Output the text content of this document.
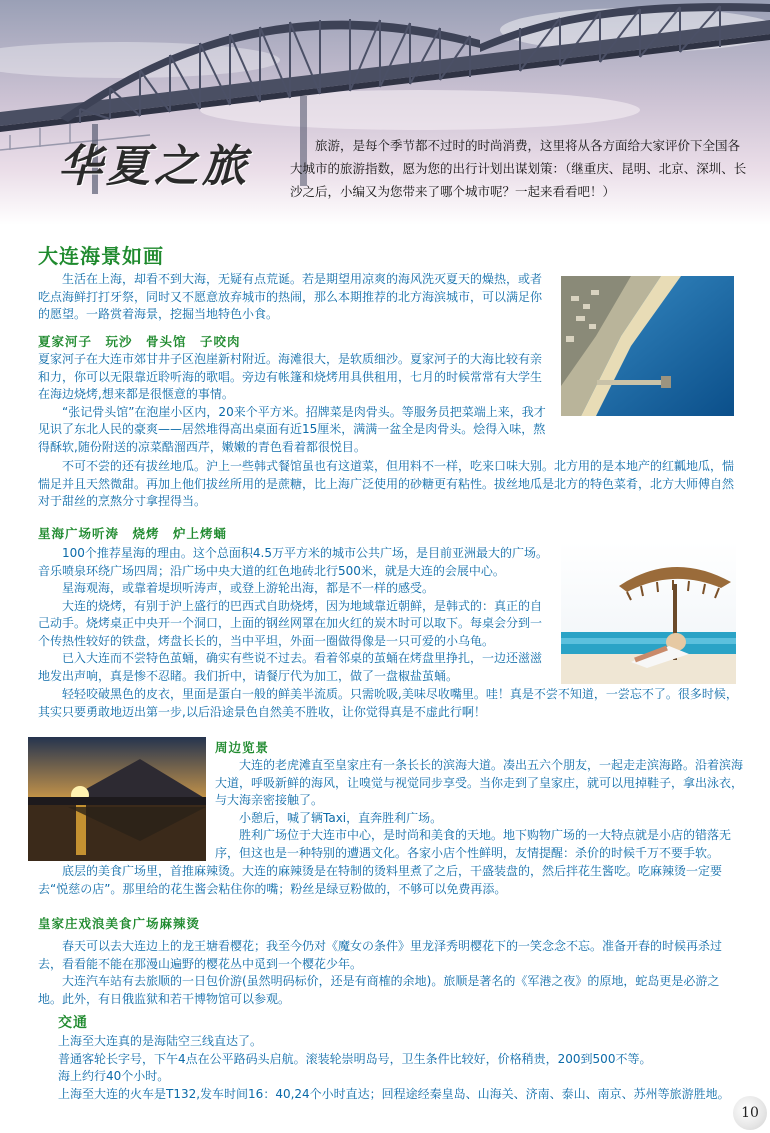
华夏之旅	旅游，是每个季节都不过时的时尚消费，这里将从各方面给大家评价下全国各大城市的旅游指数，愿为您的出行计划出谋划策：（继重庆、昆明、北京、深圳、长沙之后，小编又为您带来了哪个城市呢？一起来看看吧！）

大连海景如画

生活在上海，却看不到大海，无疑有点荒诞。若是期望用凉爽的海风洗灭夏天的燥热，或者吃点海鲜打打牙祭，同时又不愿意放弃城市的热闹，那么本期推荐的北方海滨城市，可以满足你的愿望。一路赏着海景，挖掘当地特色小食。

夏家河子　玩沙　骨头馆　子咬肉

夏家河子在大连市郊甘井子区泡崖新村附近。海滩很大，是软质细沙。夏家河子的大海比较有亲和力，你可以无限靠近聆听海的歌唱。旁边有帐篷和烧烤用具供租用，七月的时候常常有大学生在海边烧烤,想来都是很惬意的事情。

“张记骨头馆”在泡崖小区内，20来个平方米。招牌菜是肉骨头。等服务员把菜端上来，我才见识了东北人民的豪爽——居然堆得高出桌面有近15厘米，满满一盆全是肉骨头。烩得入味，熬得酥软,随份附送的凉菜酷溜西芹，嫩嫩的青色看着都很悦目。

不可不尝的还有拔丝地瓜。沪上一些韩式餐馆虽也有这道菜，但用料不一样，吃来口味大别。北方用的是本地产的红瓤地瓜，惴惴足并且天然微甜。再加上他们拔丝所用的是蔗糖，比上海广泛使用的砂糖更有粘性。拔丝地瓜是北方的特色菜肴，北方大师傅自然对于甜丝的烹熬分寸拿捏得当。

星海广场听涛　烧烤　炉上烤蛹

100个推荐星海的理由。这个总面积4.5万平方米的城市公共广场，是目前亚洲最大的广场。音乐喷泉环绕广场四周；沿广场中央大道的红色地砖北行500米，就是大连的会展中心。

星海观海，或靠着堤坝听涛声，或登上游轮出海，都是不一样的感受。

大连的烧烤，有别于沪上盛行的巴西式自助烧烤，因为地域靠近朝鲜，是韩式的：真正的自己动手。烧烤桌正中央开一个洞口，上面的钢丝网罩在加火红的炭木时可以取下。每桌会分到一个传热性较好的铁盘，烤盘长长的，当中平坦，外面一圈做得像是一只可爱的小乌龟。

已入大连而不尝特色茧蛹，确实有些说不过去。看着邻桌的茧蛹在烤盘里挣扎，一边还滋滋地发出声响，真是惨不忍睹。我们折中，请餐厅代为加工，做了一盘椒盐茧蛹。

轻轻咬破黑色的皮衣，里面是蛋白一般的鲜美半流质。只需吮吸,美味尽收嘴里。哇！真是不尝不知道，一尝忘不了。很多时候，其实只要勇敢地迈出第一步,以后沿途景色自然美不胜收，让你觉得真是不虚此行啊！

周边览景

大连的老虎滩直至皇家庄有一条长长的滨海大道。凑出五六个朋友，一起走走滨海路。沿着滨海大道，呼吸新鲜的海风，让嗅觉与视觉同步享受。当你走到了皇家庄，就可以甩掉鞋子，拿出泳衣，与大海亲密接触了。

小憩后，喊了辆Taxi，直奔胜利广场。

胜利广场位于大连市中心，是时尚和美食的天地。地下购物广场的一大特点就是小店的错落无序，但这也是一种特别的遭遇文化。各家小店个性鲜明，友情提醒：杀价的时候千万不要手软。

底层的美食广场里，首推麻辣烫。大连的麻辣烫是在特制的烫料里煮了之后，干盛装盘的，然后拌花生酱吃。吃麻辣烫一定要去“悦慈の店”。那里给的花生酱会粘住你的嘴；粉丝是绿豆粉做的，不够可以免费再添。

皇家庄戏浪美食广场麻辣烫

春天可以去大连边上的龙王塘看樱花；我至今仍对《魔女の条件》里龙泽秀明樱花下的一笑念念不忘。准备开春的时候再杀过去，看看能不能在那漫山遍野的樱花丛中觅到一个樱花少年。

大连汽车站有去旅顺的一日包价游(虽然明码标价，还是有商榷的余地)。旅顺是著名的《军港之夜》的原地，蛇岛更是必游之地。此外，有日俄监狱和若干博物馆可以参观。

交通
上海至大连真的是海陆空三线直达了。
普通客轮长字号，下午4点在公平路码头启航。滚装轮崇明岛号，卫生条件比较好，价格稍贵，200到500不等。
海上约行40个小时。
上海至大连的火车是T132,发车时间16：40,24个小时直达；回程途经秦皇岛、山海关、济南、泰山、南京、苏州等旅游胜地。
10
